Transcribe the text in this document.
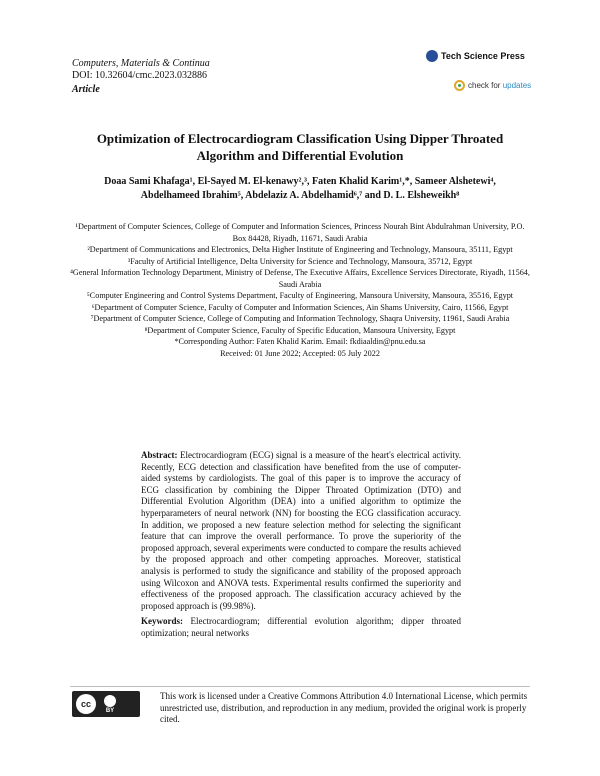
Computers, Materials & Continua
DOI: 10.32604/cmc.2023.032886
Article
Tech Science Press
check for updates
Optimization of Electrocardiogram Classification Using Dipper Throated Algorithm and Differential Evolution
Doaa Sami Khafaga¹, El-Sayed M. El-kenawy²,³, Faten Khalid Karim¹,*, Sameer Alshetewi⁴, Abdelhameed Ibrahim⁵, Abdelaziz A. Abdelhamid⁶,⁷ and D. L. Elsheweikh⁸
¹Department of Computer Sciences, College of Computer and Information Sciences, Princess Nourah Bint Abdulrahman University, P.O. Box 84428, Riyadh, 11671, Saudi Arabia
²Department of Communications and Electronics, Delta Higher Institute of Engineering and Technology, Mansoura, 35111, Egypt
³Faculty of Artificial Intelligence, Delta University for Science and Technology, Mansoura, 35712, Egypt
⁴General Information Technology Department, Ministry of Defense, The Executive Affairs, Excellence Services Directorate, Riyadh, 11564, Saudi Arabia
⁵Computer Engineering and Control Systems Department, Faculty of Engineering, Mansoura University, Mansoura, 35516, Egypt
⁶Department of Computer Science, Faculty of Computer and Information Sciences, Ain Shams University, Cairo, 11566, Egypt
⁷Department of Computer Science, College of Computing and Information Technology, Shaqra University, 11961, Saudi Arabia
⁸Department of Computer Science, Faculty of Specific Education, Mansoura University, Egypt
*Corresponding Author: Faten Khalid Karim. Email: fkdiaaldin@pnu.edu.sa
Received: 01 June 2022; Accepted: 05 July 2022
Abstract: Electrocardiogram (ECG) signal is a measure of the heart's electrical activity. Recently, ECG detection and classification have benefited from the use of computer-aided systems by cardiologists. The goal of this paper is to improve the accuracy of ECG classification by combining the Dipper Throated Optimization (DTO) and Differential Evolution Algorithm (DEA) into a unified algorithm to optimize the hyperparameters of neural network (NN) for boosting the ECG classification accuracy. In addition, we proposed a new feature selection method for selecting the significant feature that can improve the overall performance. To prove the superiority of the proposed approach, several experiments were conducted to compare the results achieved by the proposed approach and other competing approaches. Moreover, statistical analysis is performed to study the significance and stability of the proposed approach using Wilcoxon and ANOVA tests. Experimental results confirmed the superiority and effectiveness of the proposed approach. The classification accuracy achieved by the proposed approach is (99.98%).
Keywords: Electrocardiogram; differential evolution algorithm; dipper throated optimization; neural networks
cc
BY
This work is licensed under a Creative Commons Attribution 4.0 International License, which permits unrestricted use, distribution, and reproduction in any medium, provided the original work is properly cited.
